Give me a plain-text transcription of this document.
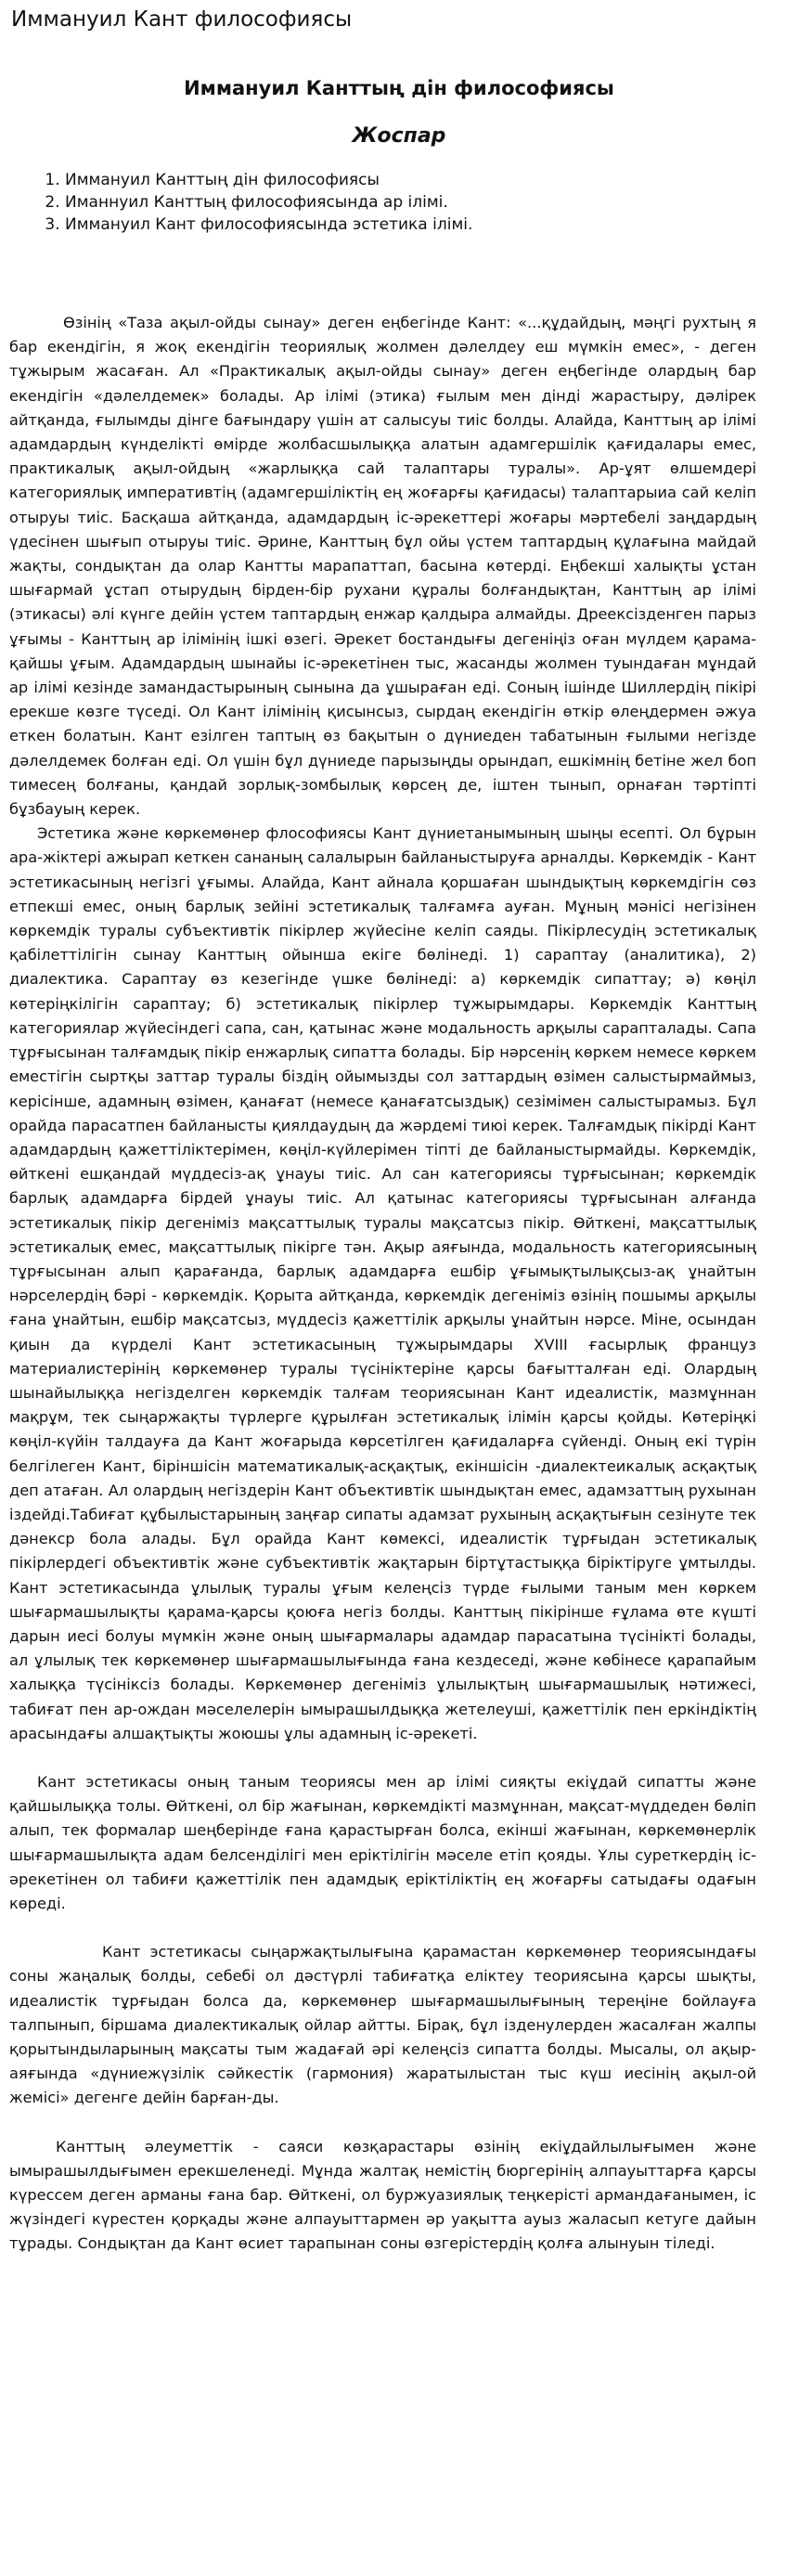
Иммануил Кант философиясы
Иммануил Канттың дін философиясы
Жоспар
1. Иммануил Канттың дін философиясы
2. Иманнуил Канттың философиясында ар ілімі.
3. Иммануил Кант философиясында эстетика ілімі.

Өзінің «Таза ақыл-ойды сынау» деген еңбегінде Кант: «...құдайдың, мәңгі рухтың я бар екендігін, я жоқ екендігін теориялық жолмен дәлелдеу еш мүмкін емес», - деген тұжырым жасаған. Ал «Практикалық ақыл-ойды сынау» деген еңбегінде олардың бар екендігін «дәлелдемек» болады. Ар ілімі (этика) ғылым мен дінді жарастыру, дәлірек айтқанда, ғылымды дінге бағындару үшін ат салысуы тиіс болды. Алайда, Канттың ар ілімі адамдардың күнделікті өмірде жолбасшылыққа алатын адамгершілік қағидалары емес, практикалық ақыл-ойдың «жарлыққа сай талаптары туралы». Ар-ұят өлшемдері категориялық императивтің (адамгершіліктің ең жоғарғы қағидасы) талаптарыиа сай келіп отыруы тиіс. Басқаша айтқанда, адамдардың іс-әрекеттері жоғары мәртебелі заңдардың үдесінен шығып отыруы тиіс. Әрине, Канттың бұл ойы үстем таптардың құлағына майдай жақты, сондықтан да олар Кантты марапаттап, басына көтерді. Еңбекші халықты ұстан шығармай ұстап отырудың бірден-бір рухани құралы болғандықтан, Канттың ар ілімі (этикасы) әлі күнге дейін үстем таптардың енжар қалдыра алмайды. Дреексізденген парыз ұғымы - Канттың ар ілімінің ішкі өзегі. Әрекет бостандығы дегеніңіз оған мүлдем қарама-қайшы ұғым. Адамдардың шынайы іс-әрекетінен тыс, жасанды жолмен туындаған мұндай ар ілімі кезінде замандастырының сынына да ұшыраған еді. Соның ішінде Шиллердің пікірі ерекше көзге түседі. Ол Кант ілімінің қисынсыз, сырдаң екендігін өткір өлеңдермен әжуа еткен болатын. Кант езілген таптың өз бақытын о дүниеден табатынын ғылыми негізде дәлелдемек болған еді. Ол үшін бұл дүниеде парызыңды орындап, ешкімнің бетіне жел боп тимесең болғаны, қандай зорлық-зомбылық көрсең де, іштен тынып, орнаған тәртіпті бұзбауың керек.

Эстетика және көркемөнер флософиясы Кант дүниетанымының шыңы есепті. Ол бұрын ара-жіктері ажырап кеткен сананың салалырын байланыстыруға арналды. Көркемдік - Кант эстетикасының негізгі ұғымы. Алайда, Кант айнала қоршаған шындықтың көркемдігін сөз етпекші емес, оның барлық зейіні эстетикалық талғамға ауған. Мұның мәнісі негізінен көркемдік туралы субъективтік пікірлер жүйесіне келіп саяды. Пікірлесудің эстетикалық қабілеттілігін сынау Канттың ойынша екіге бөлінеді. 1) сараптау (аналитика), 2) диалектика. Сараптау өз кезегінде үшке бөлінеді: а) көркемдік сипаттау; ә) көңіл көтеріңкілігін сараптау; б) эстетикалық пікірлер тұжырымдары. Көркемдік Канттың категориялар жүйесіндегі сапа, сан, қатынас және модальность арқылы сарапталады. Сапа тұрғысынан талғамдық пікір енжарлық сипатта болады. Бір нәрсенің көркем немесе көркем еместігін сыртқы заттар туралы біздің ойымызды сол заттардың өзімен салыстырмаймыз, керісінше, адамның өзімен, қанағат (немесе қанағатсыздық) сезімімен салыстырамыз. Бұл орайда парасатпен байланысты қиялдаудың да жәрдемі тиюі керек. Талғамдық пікірді Кант адамдардың қажеттіліктерімен, көңіл-күйлерімен тіпті де байланыстырмайды. Көркемдік, өйткені ешқандай мүддесіз-ақ ұнауы тиіс. Ал сан категориясы тұрғысынан; көркемдік барлық адамдарға бірдей ұнауы тиіс. Ал қатынас категориясы тұрғысынан алғанда эстетикалық пікір дегеніміз мақсаттылық туралы мақсатсыз пікір. Өйткені, мақсаттылық эстетикалық емес, мақсаттылық пікірге тән. Ақыр аяғында, модальность категориясының тұрғысынан алып қарағанда, барлық адамдарға ешбір ұғымықтылықсыз-ақ ұнайтын нәрселердің бәрі - көркемдік. Қорыта айтқанда, көркемдік дегеніміз өзінің пошымы арқылы ғана ұнайтын, ешбір мақсатсыз, мүддесіз қажеттілік арқылы ұнайтын нәрсе. Міне, осындан қиын да күрделі Кант эстетикасының тұжырымдары XVIII ғасырлық француз материалистерінің көркемөнер туралы түсініктеріне қарсы бағытталған еді. Олардың шынайылыққа негізделген көркемдік талғам теориясынан Кант идеалистік, мазмұннан мақрұм, тек сыңаржақты түрлерге құрылған эстетикалық ілімін қарсы қойды. Көтеріңкі көңіл-күйін талдауға да Кант жоғарыда көрсетілген қағидаларға сүйенді. Оның екі түрін белгілеген Кант, біріншісін математикалық-асқақтық, екіншісін -диалектеикалық асқақтық деп атаған. Ал олардың негіздерін Кант объективтік шындықтан емес, адамзаттың рухынан іздейді.Табиғат құбылыстарының заңғар сипаты адамзат рухының асқақтығын сезінуте тек дәнекср бола алады. Бұл орайда Кант көмексі, идеалистік тұрғыдан эстетикалық пікірлердегі объективтік және субъективтік жақтарын біртұтастыққа біріктіруге ұмтылды. Кант эстетикасында ұлылық туралы ұғым келеңсіз түрде ғылыми таным мен көркем шығармашылықты қарама-қарсы қоюға негіз болды. Канттың пікірінше ғұлама өте күшті дарын иесі болуы мүмкін және оның шығармалары адамдар парасатына түсінікті болады, ал ұлылық тек көркемөнер шығармашылығында ғана кездеседі, және көбінесе қарапайым халыққа түсініксіз болады. Көркемөнер дегеніміз ұлылықтың шығармашылық нәтижесі, табиғат пен ар-ождан мәселелерін ымырашылдыққа жетелеуші, қажеттілік пен еркіндіктің арасындағы алшақтықты жоюшы ұлы адамның іс-әрекеті.

Кант эстетикасы оның таным теориясы мен ар ілімі сияқты екіұдай сипатты және қайшылыққа толы. Өйткені, ол бір жағынан, көркемдікті мазмұннан, мақсат-мүддеден бөліп алып, тек формалар шеңберінде ғана қарастырған болса, екінші жағынан, көркемөнерлік шығармашылықта адам белсенділігі мен еріктілігін мәселе етіп қояды. Ұлы суреткердің іс-әрекетінен ол табиғи қажеттілік пен адамдық еріктіліктің ең жоғарғы сатыдағы одағын көреді.

Кант эстетикасы сыңаржақтылығына қарамастан көркемөнер теориясындағы соны жаңалық болды, себебі ол дәстүрлі табиғатқа еліктеу теориясына қарсы шықты, идеалистік тұрғыдан болса да, көркемөнер шығармашылығының тереңіне бойлауға талпынып, біршама диалектикалық ойлар айтты. Бірақ, бұл ізденулерден жасалған жалпы қорытындыларының мақсаты тым жадағай әрі келеңсіз сипатта болды. Мысалы, ол ақыр-аяғында «дүниежүзілік сәйкестік (гармония) жаратылыстан тыс күш иесінің ақыл-ой жемісі» дегенге дейін барған-ды.

Канттың әлеуметтік - саяси көзқарастары өзінің екіұдайлылығымен және ымырашылдығымен ерекшеленеді. Мұнда жалтақ немістің бюргерінің алпауыттарға қарсы күрессем деген арманы ғана бар. Өйткені, ол буржуазиялық теңкерісті армандағанымен, іс жүзіндегі күрестен қорқады және алпауыттармен әр уақытта ауыз жаласып кетуге дайын тұрады. Сондықтан да Кант өсиет тарапынан соны өзгерістердің қолға алынуын тіледі.
